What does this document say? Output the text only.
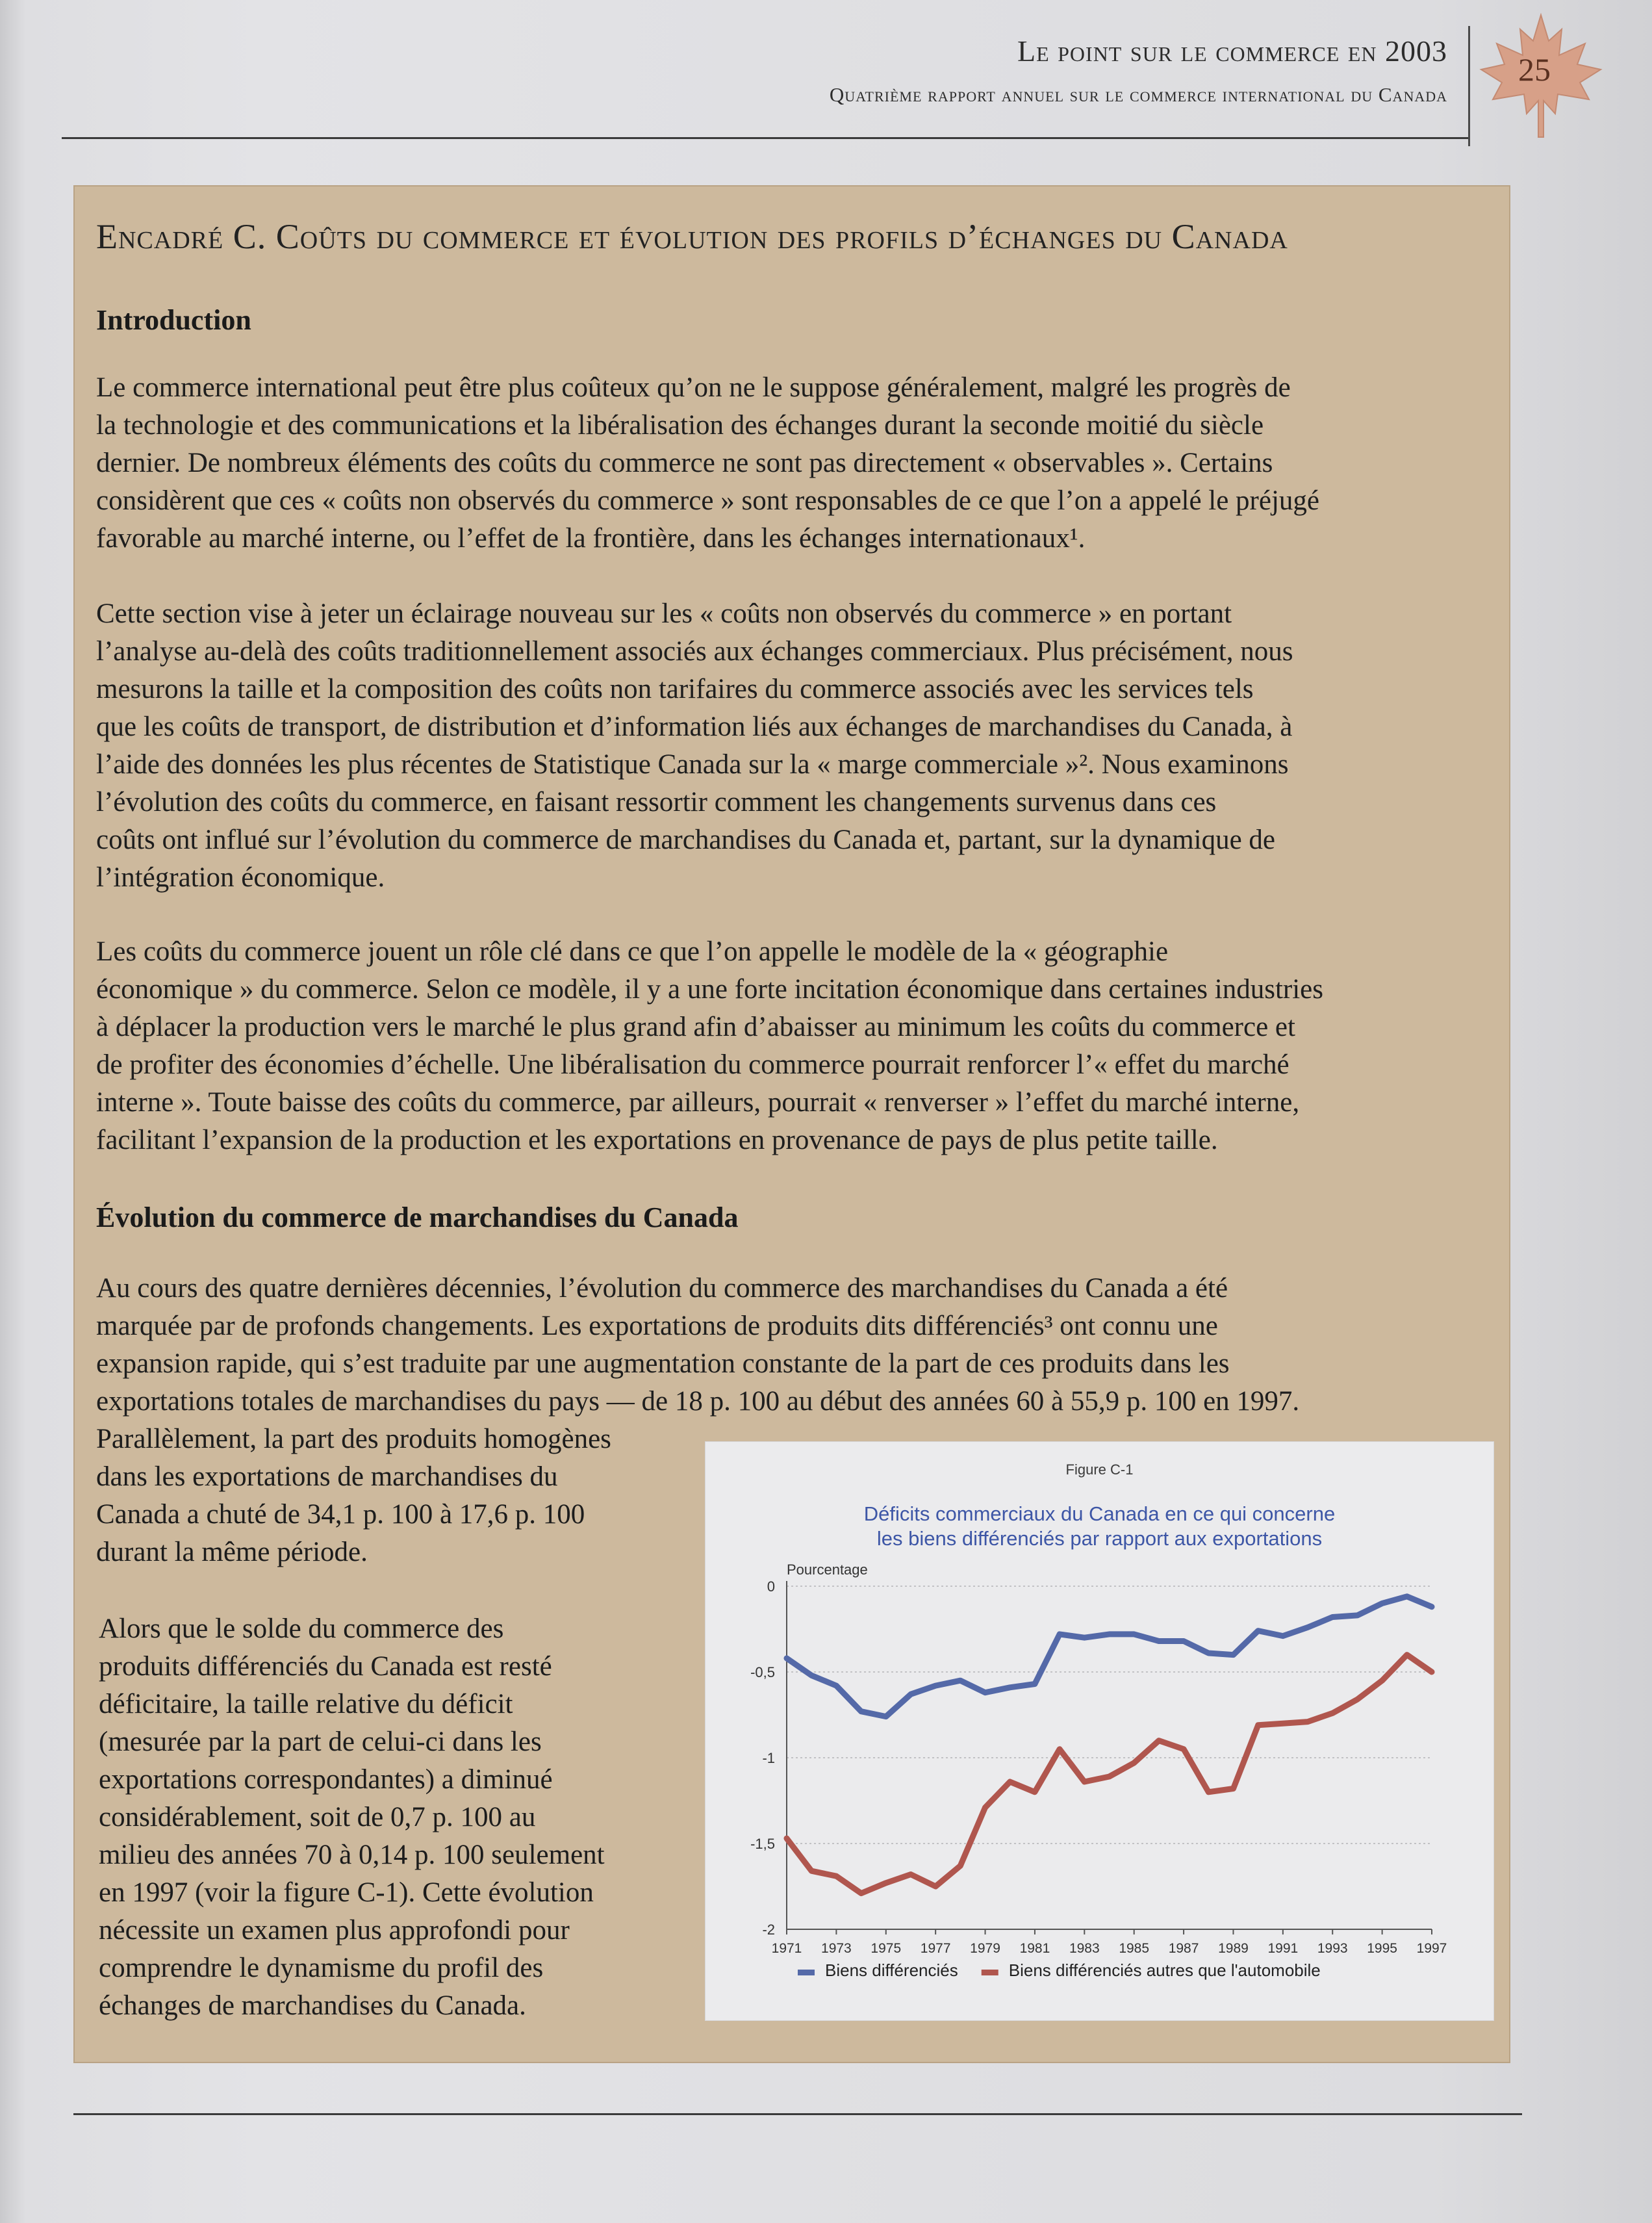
Le point sur le commerce en 2003
Quatrième rapport annuel sur le commerce international du Canada
25
Encadré C. Coûts du commerce et évolution des profils d’échanges du Canada
Introduction
Le commerce international peut être plus coûteux qu’on ne le suppose généralement, malgré les progrès de
la technologie et des communications et la libéralisation des échanges durant la seconde moitié du siècle
dernier. De nombreux éléments des coûts du commerce ne sont pas directement « observables ». Certains
considèrent que ces « coûts non observés du commerce » sont responsables de ce que l’on a appelé le préjugé
favorable au marché interne, ou l’effet de la frontière, dans les échanges internationaux¹.
Cette section vise à jeter un éclairage nouveau sur les « coûts non observés du commerce » en portant
l’analyse au-delà des coûts traditionnellement associés aux échanges commerciaux. Plus précisément, nous
mesurons la taille et la composition des coûts non tarifaires du commerce associés avec les services tels
que les coûts de transport, de distribution et d’information liés aux échanges de marchandises du Canada, à
l’aide des données les plus récentes de Statistique Canada sur la « marge commerciale »². Nous examinons
l’évolution des coûts du commerce, en faisant ressortir comment les changements survenus dans ces
coûts ont influé sur l’évolution du commerce de marchandises du Canada et, partant, sur la dynamique de
l’intégration économique.
Les coûts du commerce jouent un rôle clé dans ce que l’on appelle le modèle de la « géographie
économique » du commerce. Selon ce modèle, il y a une forte incitation économique dans certaines industries
à déplacer la production vers le marché le plus grand afin d’abaisser au minimum les coûts du commerce et
de profiter des économies d’échelle. Une libéralisation du commerce pourrait renforcer l’« effet du marché
interne ». Toute baisse des coûts du commerce, par ailleurs, pourrait « renverser » l’effet du marché interne,
facilitant l’expansion de la production et les exportations en provenance de pays de plus petite taille.
Évolution du commerce de marchandises du Canada
Au cours des quatre dernières décennies, l’évolution du commerce des marchandises du Canada a été
marquée par de profonds changements. Les exportations de produits dits différenciés³ ont connu une
expansion rapide, qui s’est traduite par une augmentation constante de la part de ces produits dans les
exportations totales de marchandises du pays — de 18 p. 100 au début des années 60 à 55,9 p. 100 en 1997.
Parallèlement, la part des produits homogènes
dans les exportations de marchandises du
Canada a chuté de 34,1 p. 100 à 17,6 p. 100
durant la même période.
Alors que le solde du commerce des
produits différenciés du Canada est resté
déficitaire, la taille relative du déficit
(mesurée par la part de celui-ci dans les
exportations correspondantes) a diminué
considérablement, soit de 0,7 p. 100 au
milieu des années 70 à 0,14 p. 100 seulement
en 1997 (voir la figure C-1). Cette évolution
nécessite un examen plus approfondi pour
comprendre le dynamisme du profil des
échanges de marchandises du Canada.
Figure C-1
Déficits commerciaux du Canada en ce qui concerne
les biens différenciés par rapport aux exportations
Pourcentage
0
-0,5
-1
-1,5
-2
1971 1973 1975 1977 1979 1981 1983 1985 1987 1989 1991 1993 1995 1997
Biens différenciés	Biens différenciés autres que l'automobile
